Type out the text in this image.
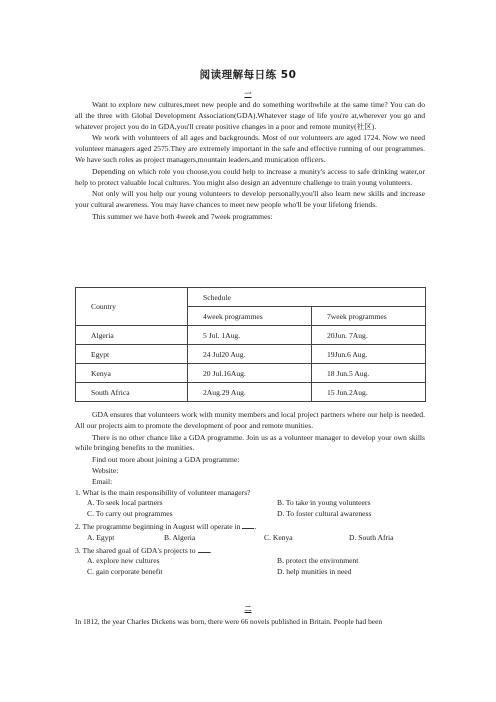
阅读理解每日练 50
一

Want to explore new cultures,meet new people and do something worthwhile at the same time? You can do all the three with Global Development Association(GDA).Whatever stage of life you're at,wherever you go and whatever project you do in GDA,you'll create positive changes in a poor and remote munity(社区).

We work with volunteers of all ages and backgrounds. Most of our volunteers are aged 1724. Now we need volunteer managers aged 2575.They are extremely important in the safe and effective running of our programmes. We have such roles as project managers,mountain leaders,and munication officers.

Depending on which role you choose,you could help to increase a munity's access to safe drinking water,or help to protect valuable local cultures. You might also design an adventure challenge to train young volunteers.

Not only will you help our young volunteers to develop personally,you'll also learn new skills and increase your cultural awareness. You may have chances to meet new people who'll be your lifelong friends.

This summer we have both 4week and 7week programmes:

Country	Schedule	
	4week programmes	7week programmes
Algeria	5 Jul. 1Aug.	20Jun. 7Aug.
Egypt	24 Jul20 Aug.	19Jun.6 Aug.
Kenya	20 Jul.16Aug.	18 Jun.5 Aug.
South Africa	2Aug.29 Aug.	15 Jun.2Aug.

GDA ensures that volunteers work with munity members and local project partners where our help is needed. All our projects aim to promote the development of poor and remote munities.

There is no other chance like a GDA programme. Join us as a volunteer manager to develop your own skills while bringing benefits to the munities.

Find out more about joining a GDA programme:

Website:

Email:

1. What is the main responsibility of volunteer managers?

A. To seek local partners	B. To take in young volunteers
C. To carry out programmes	D. To foster cultural awareness

2. The programme beginning in August will operate in .

A. Egypt	B. Algeria	C. Kenya	D. South Afria

3. The shared goal of GDA's projects to .

A. explore new cultures	B. protect the environment
C. gain corporate benefit	D. help munities in need
二

In 1812, the year Charles Dickens was born, there were 66 novels published in Britain. People had been
